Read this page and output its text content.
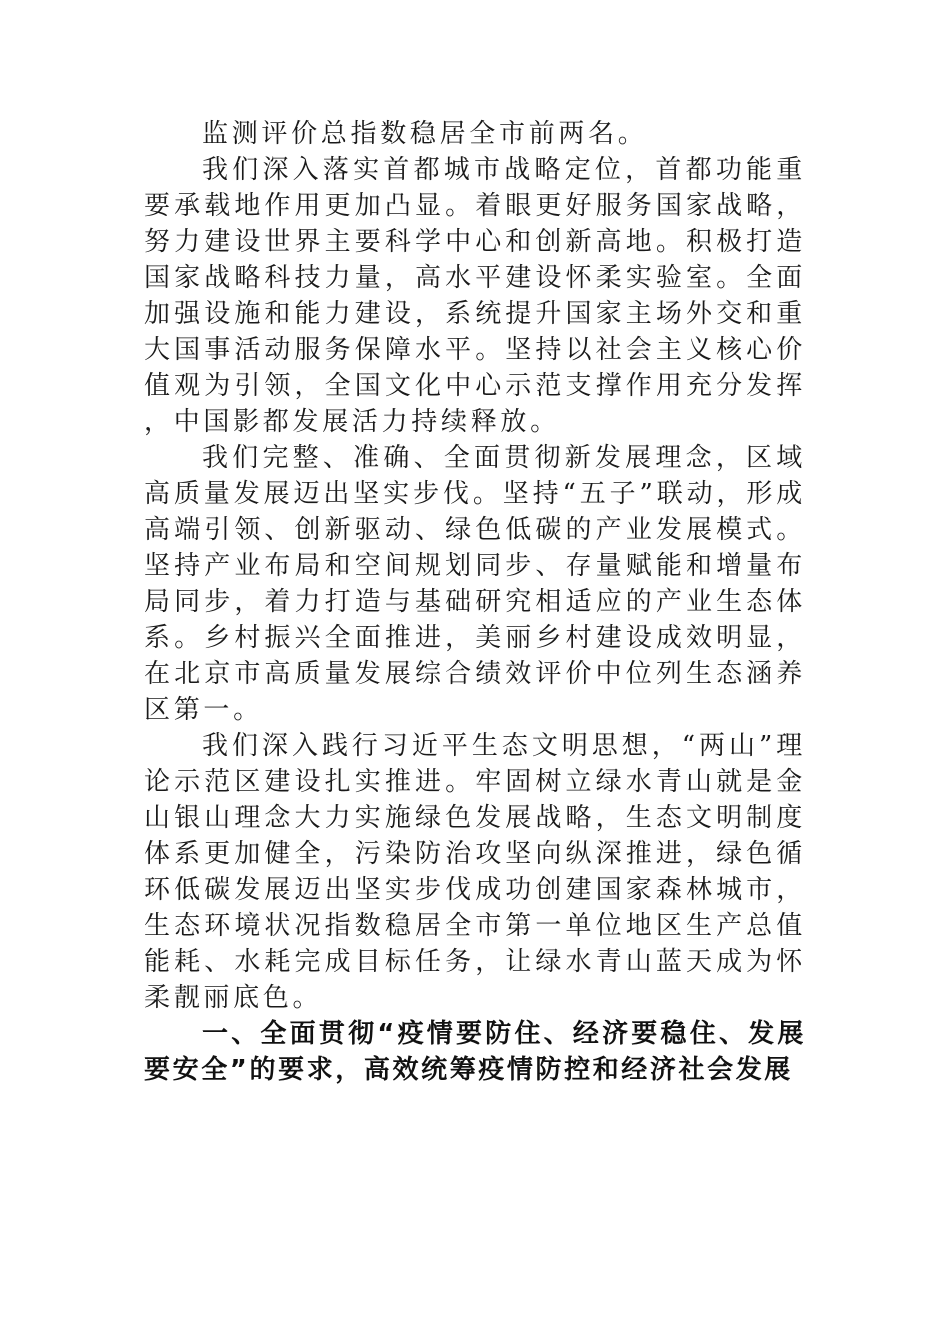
监测评价总指数稳居全市前两名。

我们深入落实首都城市战略定位，首都功能重要承载地作用更加凸显。着眼更好服务国家战略，努力建设世界主要科学中心和创新高地。积极打造国家战略科技力量，高水平建设怀柔实验室。全面加强设施和能力建设，系统提升国家主场外交和重大国事活动服务保障水平。坚持以社会主义核心价值观为引领，全国文化中心示范支撑作用充分发挥，中国影都发展活力持续释放。

我们完整、准确、全面贯彻新发展理念，区域高质量发展迈出坚实步伐。坚持“五子”联动，形成高端引领、创新驱动、绿色低碳的产业发展模式。坚持产业布局和空间规划同步、存量赋能和增量布局同步，着力打造与基础研究相适应的产业生态体系。乡村振兴全面推进，美丽乡村建设成效明显，在北京市高质量发展综合绩效评价中位列生态涵养区第一。

我们深入践行习近平生态文明思想，“两山”理论示范区建设扎实推进。牢固树立绿水青山就是金山银山理念大力实施绿色发展战略，生态文明制度体系更加健全，污染防治攻坚向纵深推进，绿色循环低碳发展迈出坚实步伐成功创建国家森林城市，生态环境状况指数稳居全市第一单位地区生产总值能耗、水耗完成目标任务，让绿水青山蓝天成为怀柔靓丽底色。

一、全面贯彻“疫情要防住、经济要稳住、发展要安全”的要求，高效统筹疫情防控和经济社会发展
